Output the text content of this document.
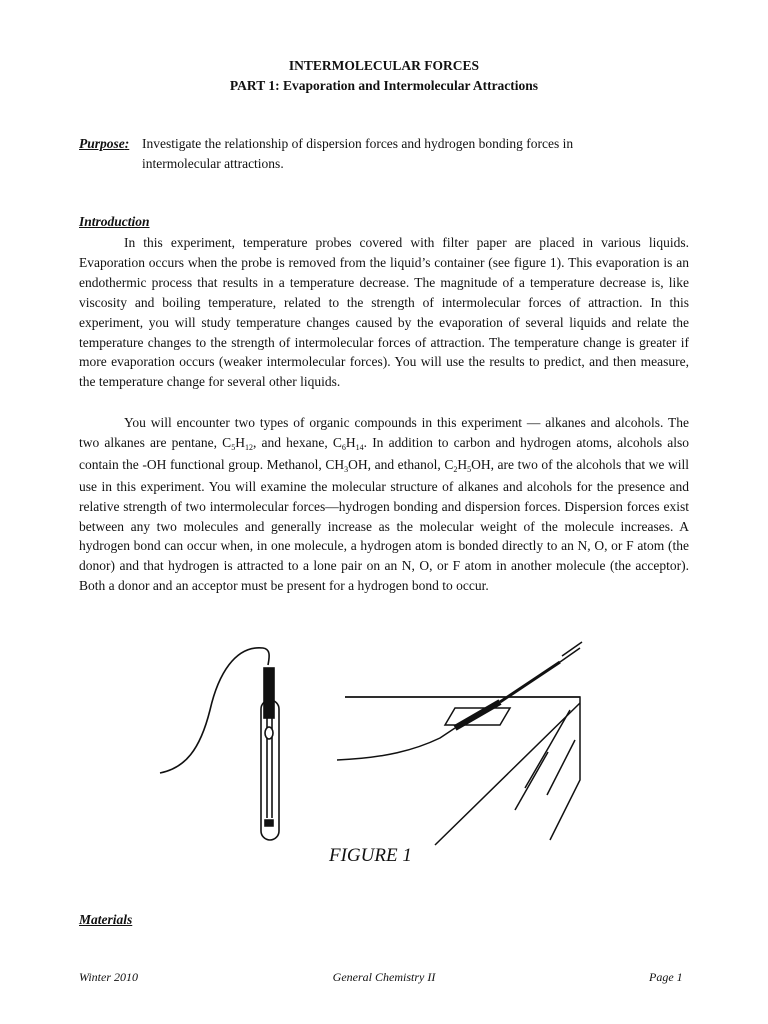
INTERMOLECULAR FORCES
PART 1: Evaporation and Intermolecular Attractions
Purpose: Investigate the relationship of dispersion forces and hydrogen bonding forces in intermolecular attractions.
Introduction

In this experiment, temperature probes covered with filter paper are placed in various liquids. Evaporation occurs when the probe is removed from the liquid’s container (see figure 1). This evaporation is an endothermic process that results in a temperature decrease. The magnitude of a temperature decrease is, like viscosity and boiling temperature, related to the strength of intermolecular forces of attraction. In this experiment, you will study temperature changes caused by the evaporation of several liquids and relate the temperature changes to the strength of intermolecular forces of attraction. The temperature change is greater if more evaporation occurs (weaker intermolecular forces). You will use the results to predict, and then measure, the temperature change for several other liquids.

You will encounter two types of organic compounds in this experiment — alkanes and alcohols. The two alkanes are pentane, $C_5H_{12}$, and hexane, $C_6H_{14}$. In addition to carbon and hydrogen atoms, alcohols also contain the -OH functional group. Methanol, $CH_3OH$, and ethanol, $C_2H_5OH$, are two of the alcohols that we will use in this experiment. You will examine the molecular structure of alkanes and alcohols for the presence and relative strength of two intermolecular forces—hydrogen bonding and dispersion forces. Dispersion forces exist between any two molecules and generally increase as the molecular weight of the molecule increases. A hydrogen bond can occur when, in one molecule, a hydrogen atom is bonded directly to an N, O, or F atom (the donor) and that hydrogen is attracted to a lone pair on an N, O, or F atom in another molecule (the acceptor). Both a donor and an acceptor must be present for a hydrogen bond to occur.

FIGURE 1
Materials
Winter 2010	General Chemistry II	Page 1
